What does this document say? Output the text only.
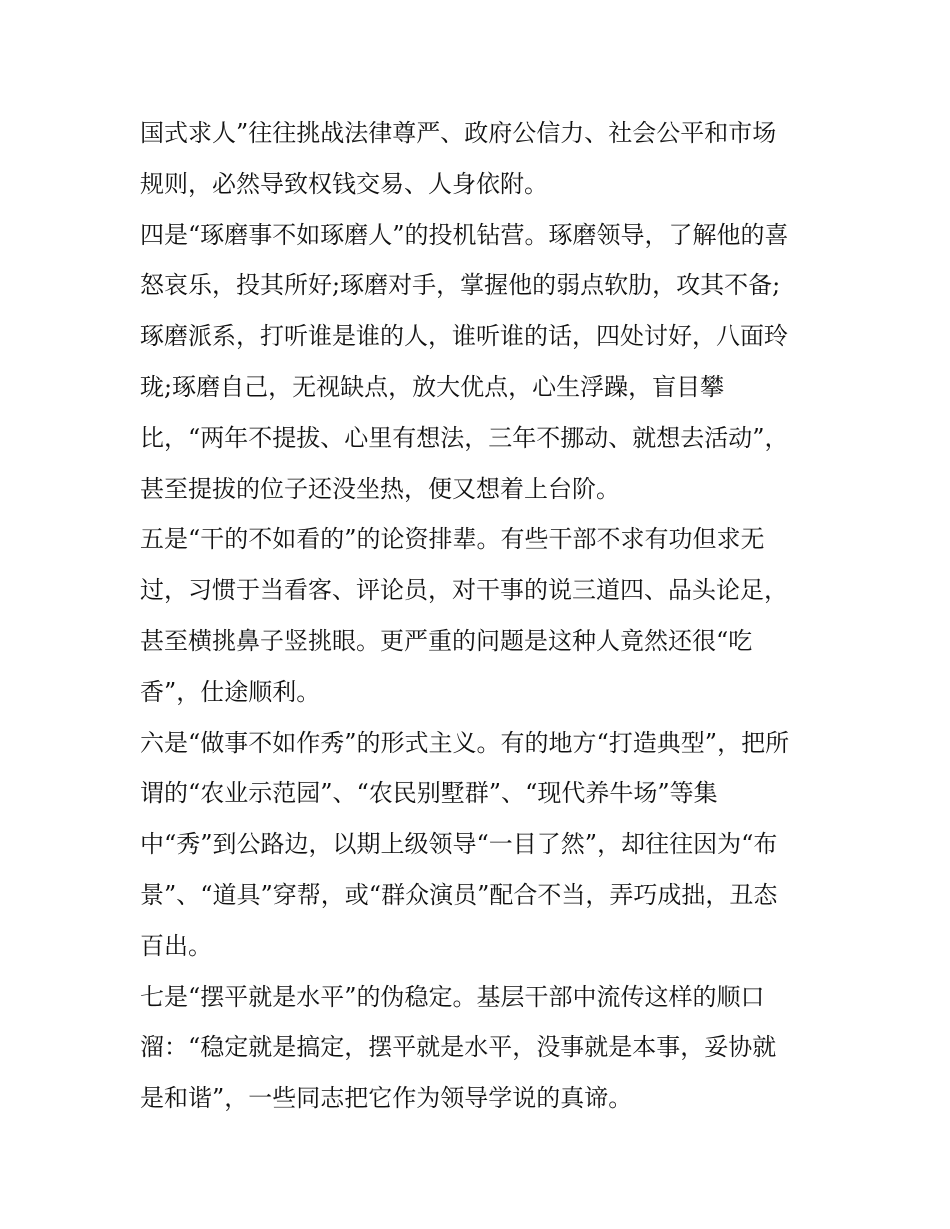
国式求人”往往挑战法律尊严、政府公信力、社会公平和市场
规则，必然导致权钱交易、人身依附。
四是“琢磨事不如琢磨人”的投机钻营。琢磨领导，了解他的喜
怒哀乐，投其所好;琢磨对手，掌握他的弱点软肋，攻其不备;
琢磨派系，打听谁是谁的人，谁听谁的话，四处讨好，八面玲
珑;琢磨自己，无视缺点，放大优点，心生浮躁，盲目攀
比，“两年不提拔、心里有想法，三年不挪动、就想去活动”，
甚至提拔的位子还没坐热，便又想着上台阶。
五是“干的不如看的”的论资排辈。有些干部不求有功但求无
过，习惯于当看客、评论员，对干事的说三道四、品头论足，
甚至横挑鼻子竖挑眼。更严重的问题是这种人竟然还很“吃
香”，仕途顺利。
六是“做事不如作秀”的形式主义。有的地方“打造典型”，把所
谓的“农业示范园”、“农民别墅群”、“现代养牛场”等集
中“秀”到公路边，以期上级领导“一目了然”，却往往因为“布
景”、“道具”穿帮，或“群众演员”配合不当，弄巧成拙，丑态
百出。
七是“摆平就是水平”的伪稳定。基层干部中流传这样的顺口
溜：“稳定就是搞定，摆平就是水平，没事就是本事，妥协就
是和谐”，一些同志把它作为领导学说的真谛。
